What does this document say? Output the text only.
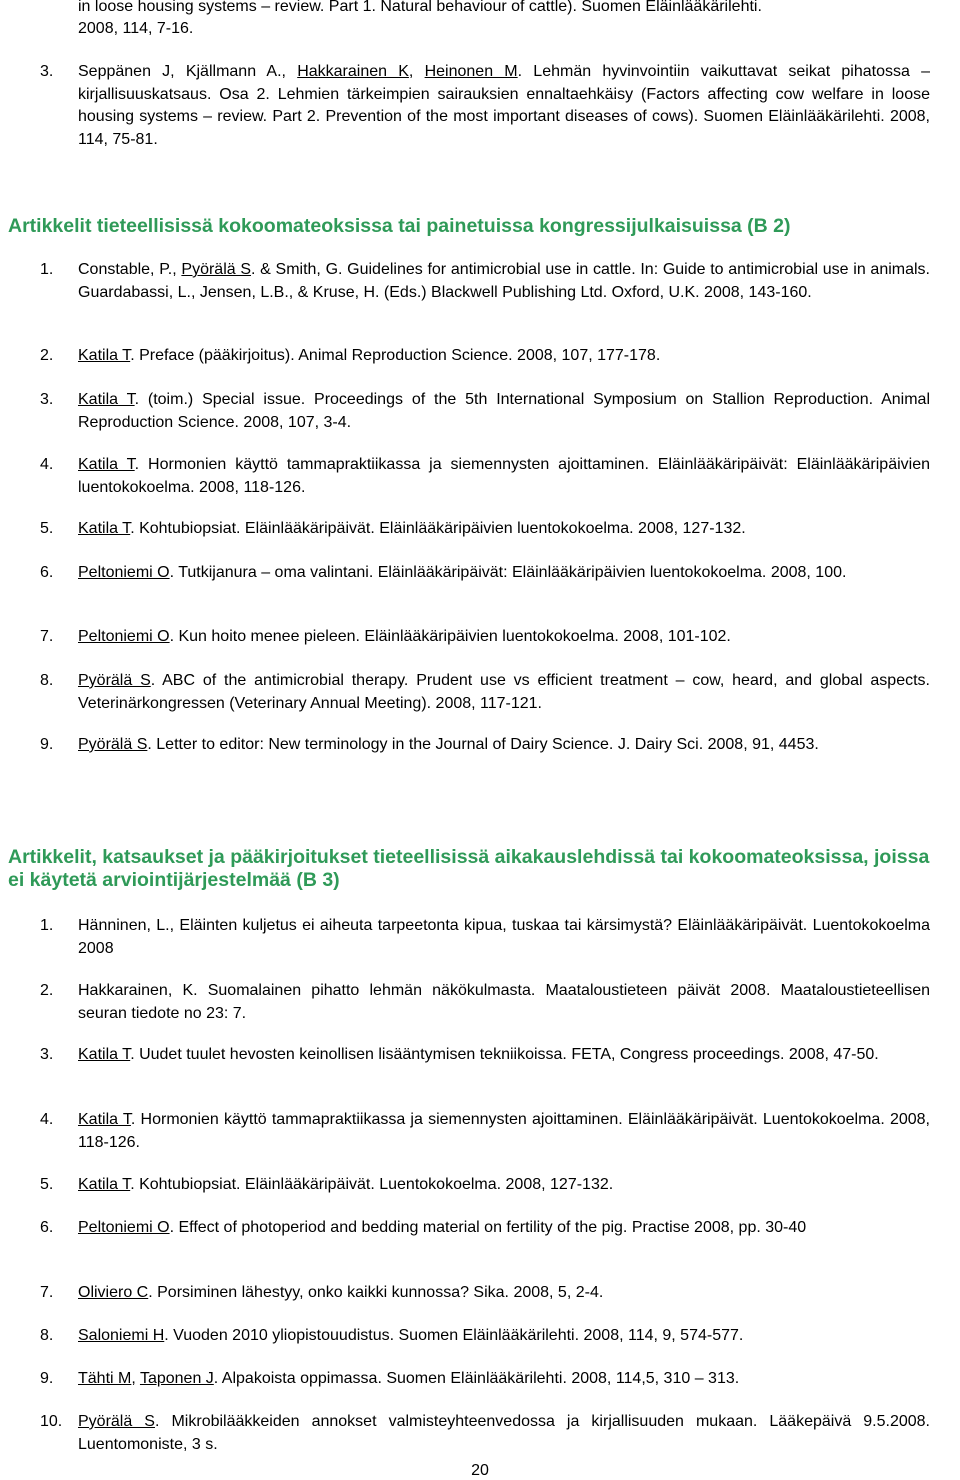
in loose housing systems – review. Part 1. Natural behaviour of cattle). Suomen Eläinlääkärilehti.
2008, 114, 7-16.
3. Seppänen J, Kjällmann A., Hakkarainen K, Heinonen M. Lehmän hyvinvointiin vaikuttavat seikat pihatossa – kirjallisuuskatsaus. Osa 2. Lehmien tärkeimpien sairauksien ennaltaehkäisy (Factors affecting cow welfare in loose housing systems – review. Part 2. Prevention of the most important diseases of cows). Suomen Eläinlääkärilehti. 2008, 114, 75-81.
Artikkelit tieteellisissä kokoomateoksissa tai painetuissa kongressijulkaisuissa (B 2)
1. Constable, P., Pyörälä S. & Smith, G. Guidelines for antimicrobial use in cattle. In: Guide to antimicrobial use in animals. Guardabassi, L., Jensen, L.B., & Kruse, H. (Eds.) Blackwell Publishing Ltd. Oxford, U.K. 2008, 143-160.
2. Katila T. Preface (pääkirjoitus). Animal Reproduction Science. 2008, 107, 177-178.
3. Katila T. (toim.) Special issue. Proceedings of the 5th International Symposium on Stallion Reproduction. Animal Reproduction Science. 2008, 107, 3-4.
4. Katila T. Hormonien käyttö tammapraktiikassa ja siemennysten ajoittaminen. Eläinlääkäripäivät: Eläinlääkäripäivien luentokokoelma. 2008, 118-126.
5. Katila T. Kohtubiopsiat. Eläinlääkäripäivät. Eläinlääkäripäivien luentokokoelma. 2008, 127-132.
6. Peltoniemi O. Tutkijanura – oma valintani. Eläinlääkäripäivät: Eläinlääkäripäivien luentokokoelma. 2008, 100.
7. Peltoniemi O. Kun hoito menee pieleen. Eläinlääkäripäivien luentokokoelma. 2008, 101-102.
8. Pyörälä S. ABC of the antimicrobial therapy. Prudent use vs efficient treatment – cow, heard, and global aspects. Veterinärkongressen (Veterinary Annual Meeting). 2008, 117-121.
9. Pyörälä S. Letter to editor: New terminology in the Journal of Dairy Science. J. Dairy Sci. 2008, 91, 4453.
Artikkelit, katsaukset ja pääkirjoitukset tieteellisissä aikakauslehdissä tai kokoomateoksissa, joissa ei käytetä arviointijärjestelmää (B 3)
1. Hänninen, L., Eläinten kuljetus ei aiheuta tarpeetonta kipua, tuskaa tai kärsimystä? Eläinlääkäripäivät. Luentokokoelma 2008
2. Hakkarainen, K. Suomalainen pihatto lehmän näkökulmasta. Maataloustieteen päivät 2008. Maataloustieteellisen seuran tiedote no 23: 7.
3. Katila T. Uudet tuulet hevosten keinollisen lisääntymisen tekniikoissa. FETA, Congress proceedings. 2008, 47-50.
4. Katila T. Hormonien käyttö tammapraktiikassa ja siemennysten ajoittaminen. Eläinlääkäripäivät. Luentokokoelma. 2008, 118-126.
5. Katila T. Kohtubiopsiat. Eläinlääkäripäivät. Luentokokoelma. 2008, 127-132.
6. Peltoniemi O. Effect of photoperiod and bedding material on fertility of the pig. Practise 2008, pp. 30-40
7. Oliviero C. Porsiminen lähestyy, onko kaikki kunnossa? Sika. 2008, 5, 2-4.
8. Saloniemi H. Vuoden 2010 yliopistouudistus. Suomen Eläinlääkärilehti. 2008, 114, 9, 574-577.
9. Tähti M, Taponen J. Alpakoista oppimassa. Suomen Eläinlääkärilehti. 2008, 114,5, 310 – 313.
10. Pyörälä S. Mikrobilääkkeiden annokset valmisteyhteenvedossa ja kirjallisuuden mukaan. Lääkepäivä 9.5.2008. Luentomoniste, 3 s.
20
